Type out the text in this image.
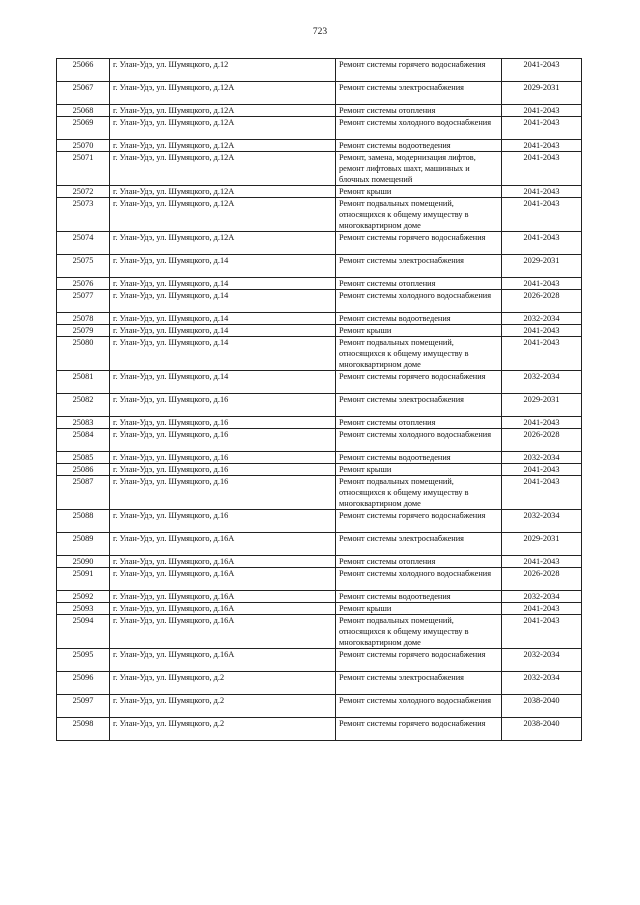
723
25066	г. Улан-Удэ, ул. Шумяцкого, д.12	Ремонт системы горячего водоснабжения	2041-2043
25067	г. Улан-Удэ, ул. Шумяцкого, д.12А	Ремонт системы электроснабжения	2029-2031
25068	г. Улан-Удэ, ул. Шумяцкого, д.12А	Ремонт системы отопления	2041-2043
25069	г. Улан-Удэ, ул. Шумяцкого, д.12А	Ремонт системы холодного водоснабжения	2041-2043
25070	г. Улан-Удэ, ул. Шумяцкого, д.12А	Ремонт системы водоотведения	2041-2043
25071	г. Улан-Удэ, ул. Шумяцкого, д.12А	Ремонт, замена, модернизация лифтов, ремонт лифтовых шахт, машинных и блочных помещений	2041-2043
25072	г. Улан-Удэ, ул. Шумяцкого, д.12А	Ремонт крыши	2041-2043
25073	г. Улан-Удэ, ул. Шумяцкого, д.12А	Ремонт подвальных помещений, относящихся к общему имуществу в многоквартирном доме	2041-2043
25074	г. Улан-Удэ, ул. Шумяцкого, д.12А	Ремонт системы горячего водоснабжения	2041-2043
25075	г. Улан-Удэ, ул. Шумяцкого, д.14	Ремонт системы электроснабжения	2029-2031
25076	г. Улан-Удэ, ул. Шумяцкого, д.14	Ремонт системы отопления	2041-2043
25077	г. Улан-Удэ, ул. Шумяцкого, д.14	Ремонт системы холодного водоснабжения	2026-2028
25078	г. Улан-Удэ, ул. Шумяцкого, д.14	Ремонт системы водоотведения	2032-2034
25079	г. Улан-Удэ, ул. Шумяцкого, д.14	Ремонт крыши	2041-2043
25080	г. Улан-Удэ, ул. Шумяцкого, д.14	Ремонт подвальных помещений, относящихся к общему имуществу в многоквартирном доме	2041-2043
25081	г. Улан-Удэ, ул. Шумяцкого, д.14	Ремонт системы горячего водоснабжения	2032-2034
25082	г. Улан-Удэ, ул. Шумяцкого, д.16	Ремонт системы электроснабжения	2029-2031
25083	г. Улан-Удэ, ул. Шумяцкого, д.16	Ремонт системы отопления	2041-2043
25084	г. Улан-Удэ, ул. Шумяцкого, д.16	Ремонт системы холодного водоснабжения	2026-2028
25085	г. Улан-Удэ, ул. Шумяцкого, д.16	Ремонт системы водоотведения	2032-2034
25086	г. Улан-Удэ, ул. Шумяцкого, д.16	Ремонт крыши	2041-2043
25087	г. Улан-Удэ, ул. Шумяцкого, д.16	Ремонт подвальных помещений, относящихся к общему имуществу в многоквартирном доме	2041-2043
25088	г. Улан-Удэ, ул. Шумяцкого, д.16	Ремонт системы горячего водоснабжения	2032-2034
25089	г. Улан-Удэ, ул. Шумяцкого, д.16А	Ремонт системы электроснабжения	2029-2031
25090	г. Улан-Удэ, ул. Шумяцкого, д.16А	Ремонт системы отопления	2041-2043
25091	г. Улан-Удэ, ул. Шумяцкого, д.16А	Ремонт системы холодного водоснабжения	2026-2028
25092	г. Улан-Удэ, ул. Шумяцкого, д.16А	Ремонт системы водоотведения	2032-2034
25093	г. Улан-Удэ, ул. Шумяцкого, д.16А	Ремонт крыши	2041-2043
25094	г. Улан-Удэ, ул. Шумяцкого, д.16А	Ремонт подвальных помещений, относящихся к общему имуществу в многоквартирном доме	2041-2043
25095	г. Улан-Удэ, ул. Шумяцкого, д.16А	Ремонт системы горячего водоснабжения	2032-2034
25096	г. Улан-Удэ, ул. Шумяцкого, д.2	Ремонт системы электроснабжения	2032-2034
25097	г. Улан-Удэ, ул. Шумяцкого, д.2	Ремонт системы холодного водоснабжения	2038-2040
25098	г. Улан-Удэ, ул. Шумяцкого, д.2	Ремонт системы горячего водоснабжения	2038-2040
